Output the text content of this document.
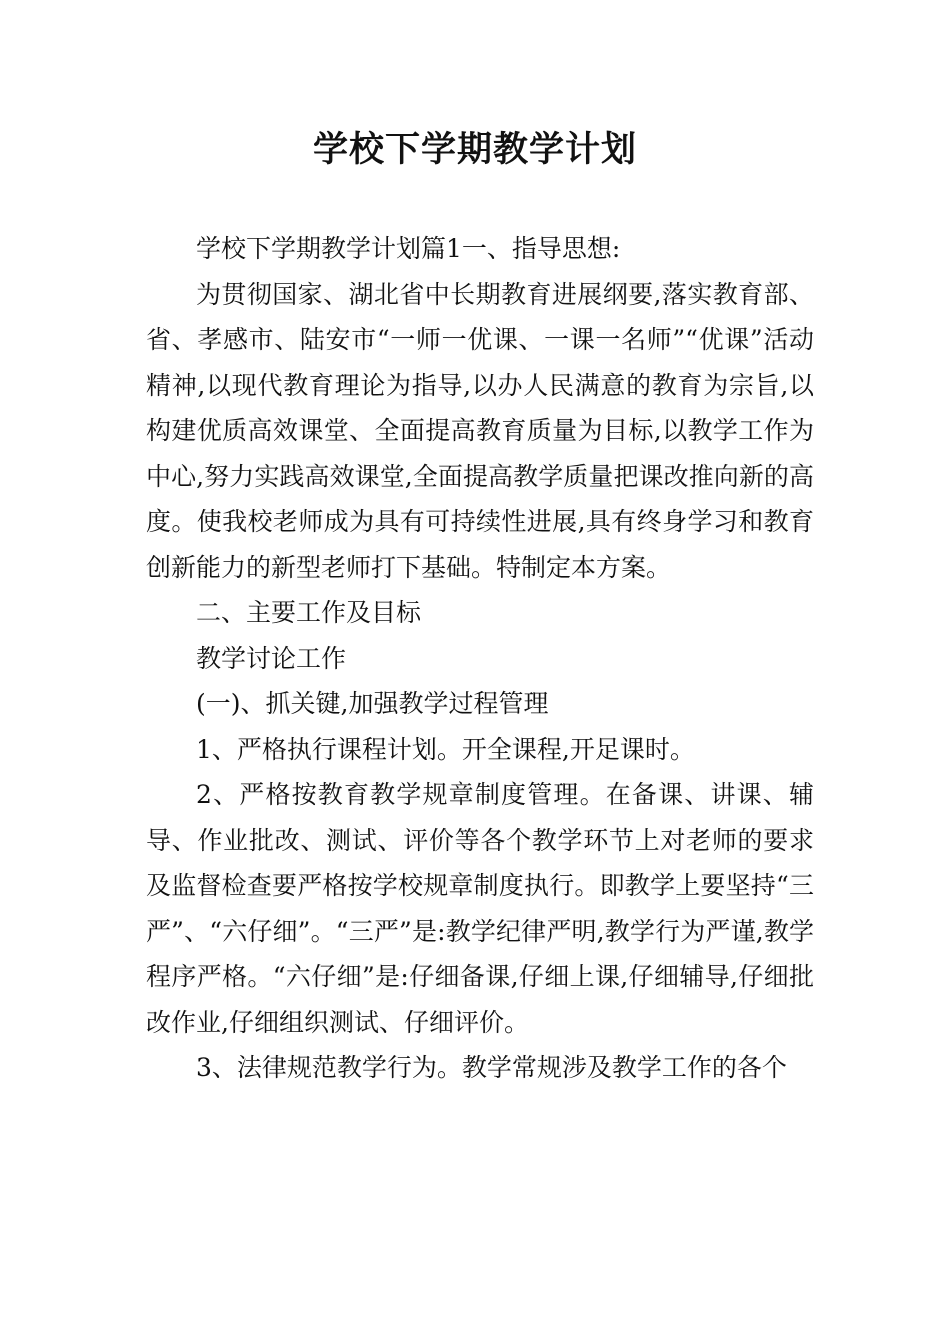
学校下学期教学计划

学校下学期教学计划篇1一、指导思想:

为贯彻国家、湖北省中长期教育进展纲要,落实教育部、省、孝感市、陆安市“一师一优课、一课一名师”“优课”活动精神,以现代教育理论为指导,以办人民满意的教育为宗旨,以构建优质高效课堂、全面提高教育质量为目标,以教学工作为中心,努力实践高效课堂,全面提高教学质量把课改推向新的高度。使我校老师成为具有可持续性进展,具有终身学习和教育创新能力的新型老师打下基础。特制定本方案。

二、主要工作及目标

教学讨论工作

(一)、抓关键,加强教学过程管理

1、严格执行课程计划。开全课程,开足课时。

2、严格按教育教学规章制度管理。在备课、讲课、辅导、作业批改、测试、评价等各个教学环节上对老师的要求及监督检查要严格按学校规章制度执行。即教学上要坚持“三严”、“六仔细”。“三严”是:教学纪律严明,教学行为严谨,教学程序严格。“六仔细”是:仔细备课,仔细上课,仔细辅导,仔细批改作业,仔细组织测试、仔细评价。

3、法律规范教学行为。教学常规涉及教学工作的各个
